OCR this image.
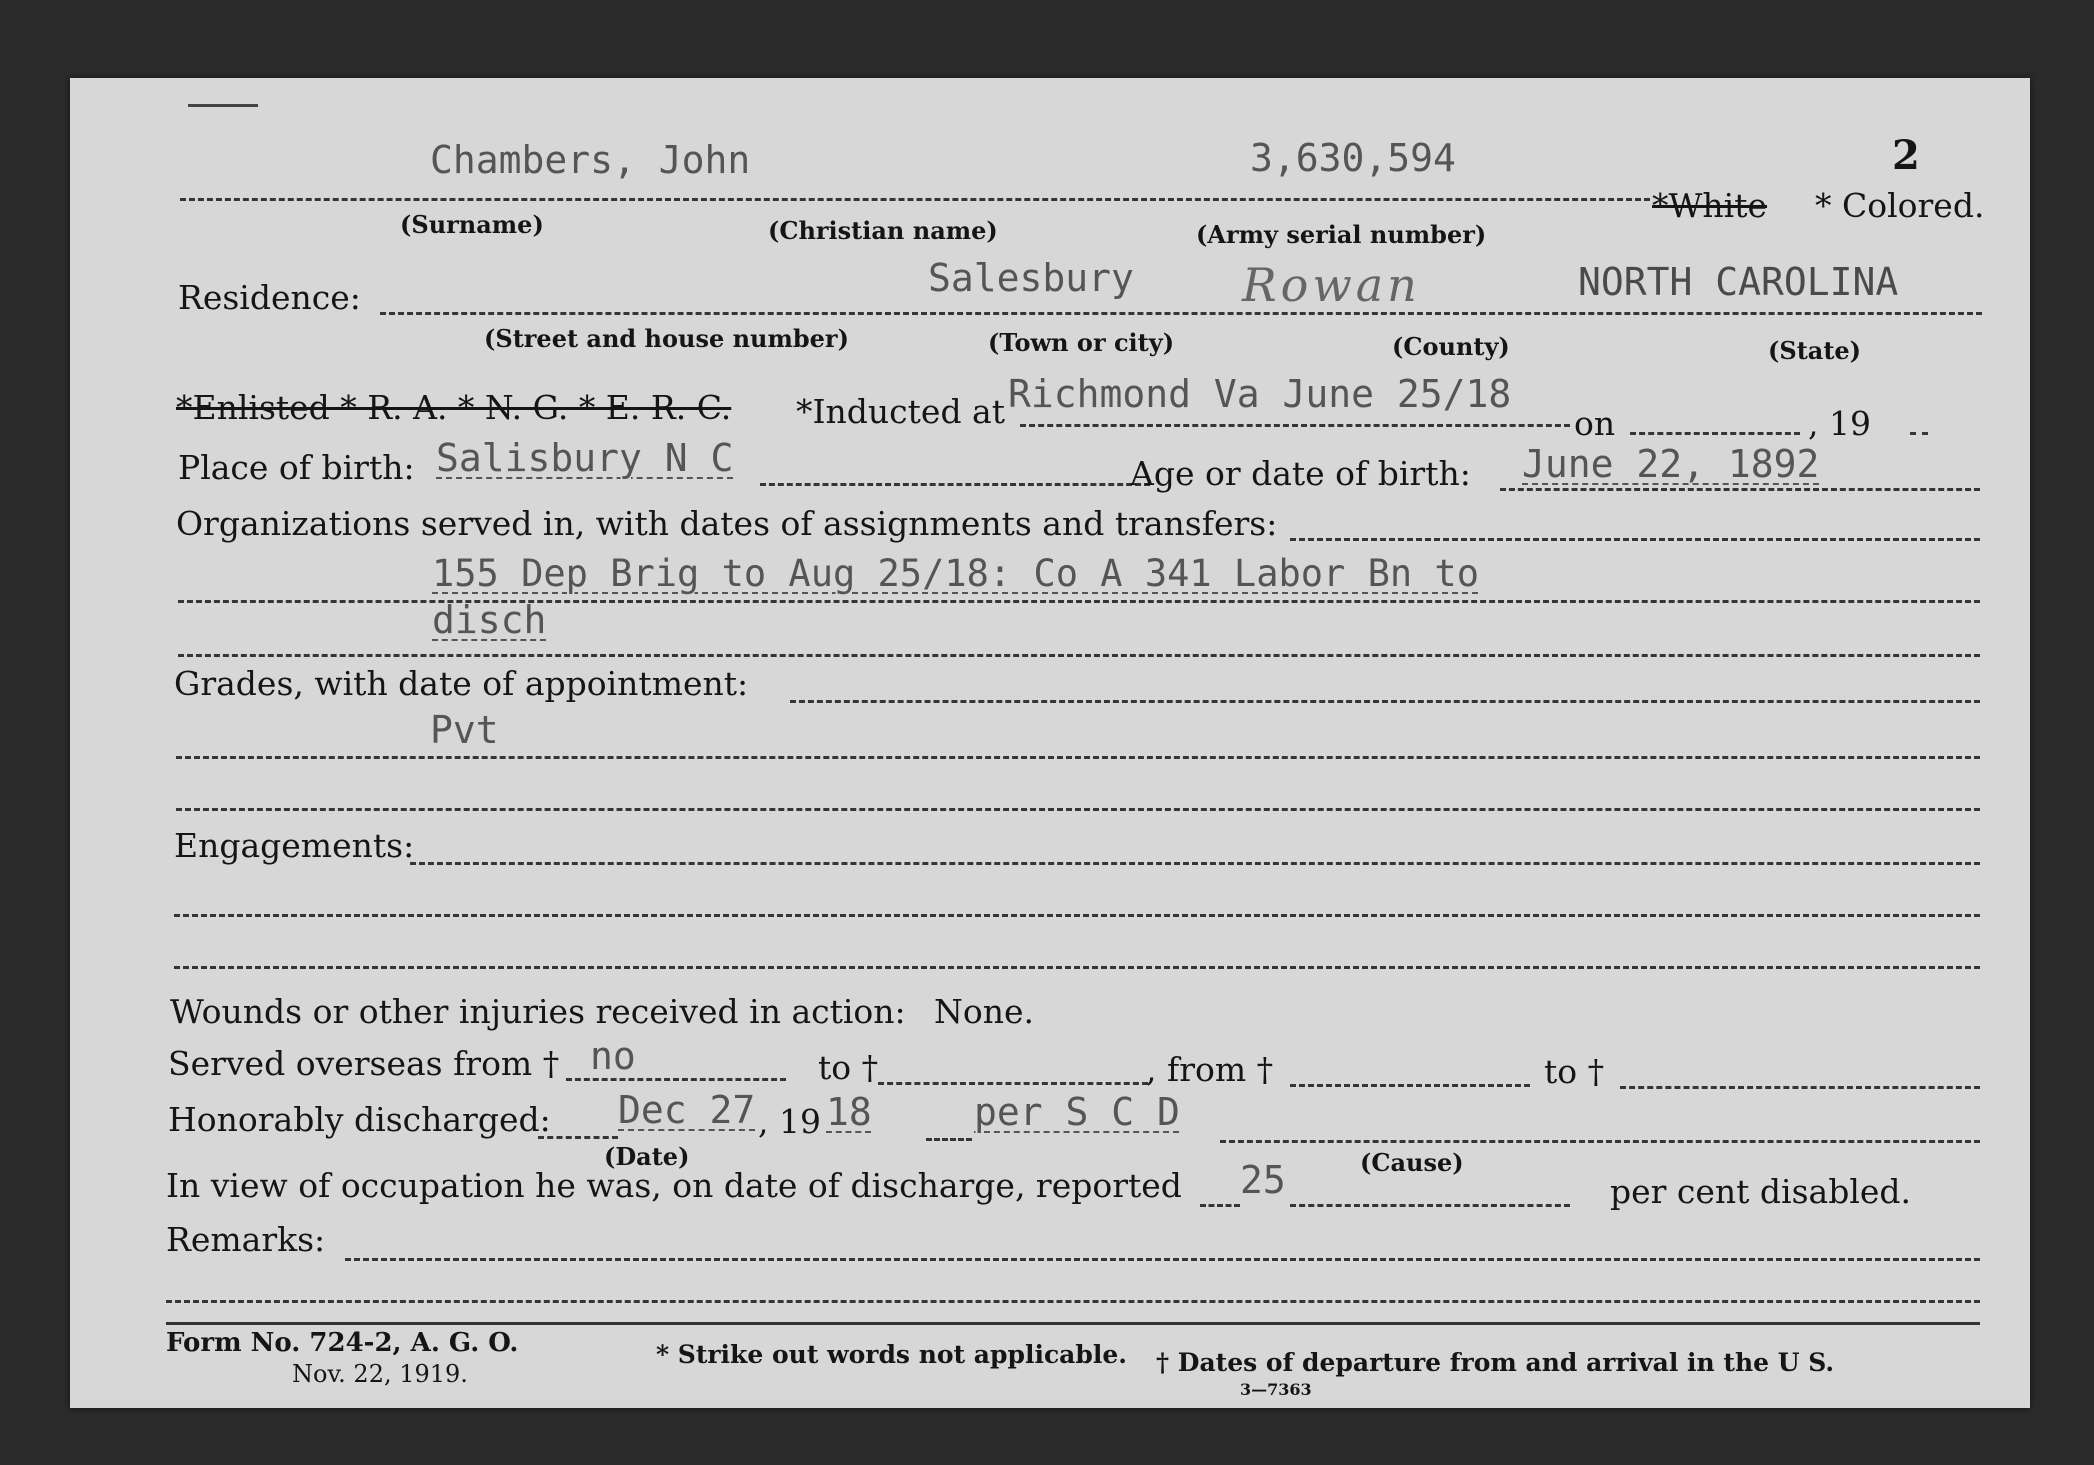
Chambers, John	3,630,594	2
*White * Colored.
(Surname)	(Christian name)	(Army serial number)
Residence:	Salesbury Rowan	NORTH CAROLINA
(Street and house number)	(Town or city)	(County)	(State)
*Enlisted * R. A. * N. G. * E. R. C. *Inducted at Richmond Va June 25/18
on	, 19
Place of birth: Salisbury N C	Age or date of birth: June 22, 1892
Organizations served in, with dates of assignments and transfers:
155 Dep Brig to Aug 25/18: Co A 341 Labor Bn to
disch
Grades, with date of appointment:
Pvt
Engagements:
Wounds or other injuries received in action: None.
Served overseas from † no	to †	, from †	to †
Honorably discharged: Dec 27 , 19 18	per S C D
(Date)	(Cause)
In view of occupation he was, on date of discharge, reported 25	per cent disabled.
Remarks:
Form No. 724-2, A. G. O.
Nov. 22, 1919.
* Strike out words not applicable. † Dates of departure from and arrival in the U S.
3—7363
